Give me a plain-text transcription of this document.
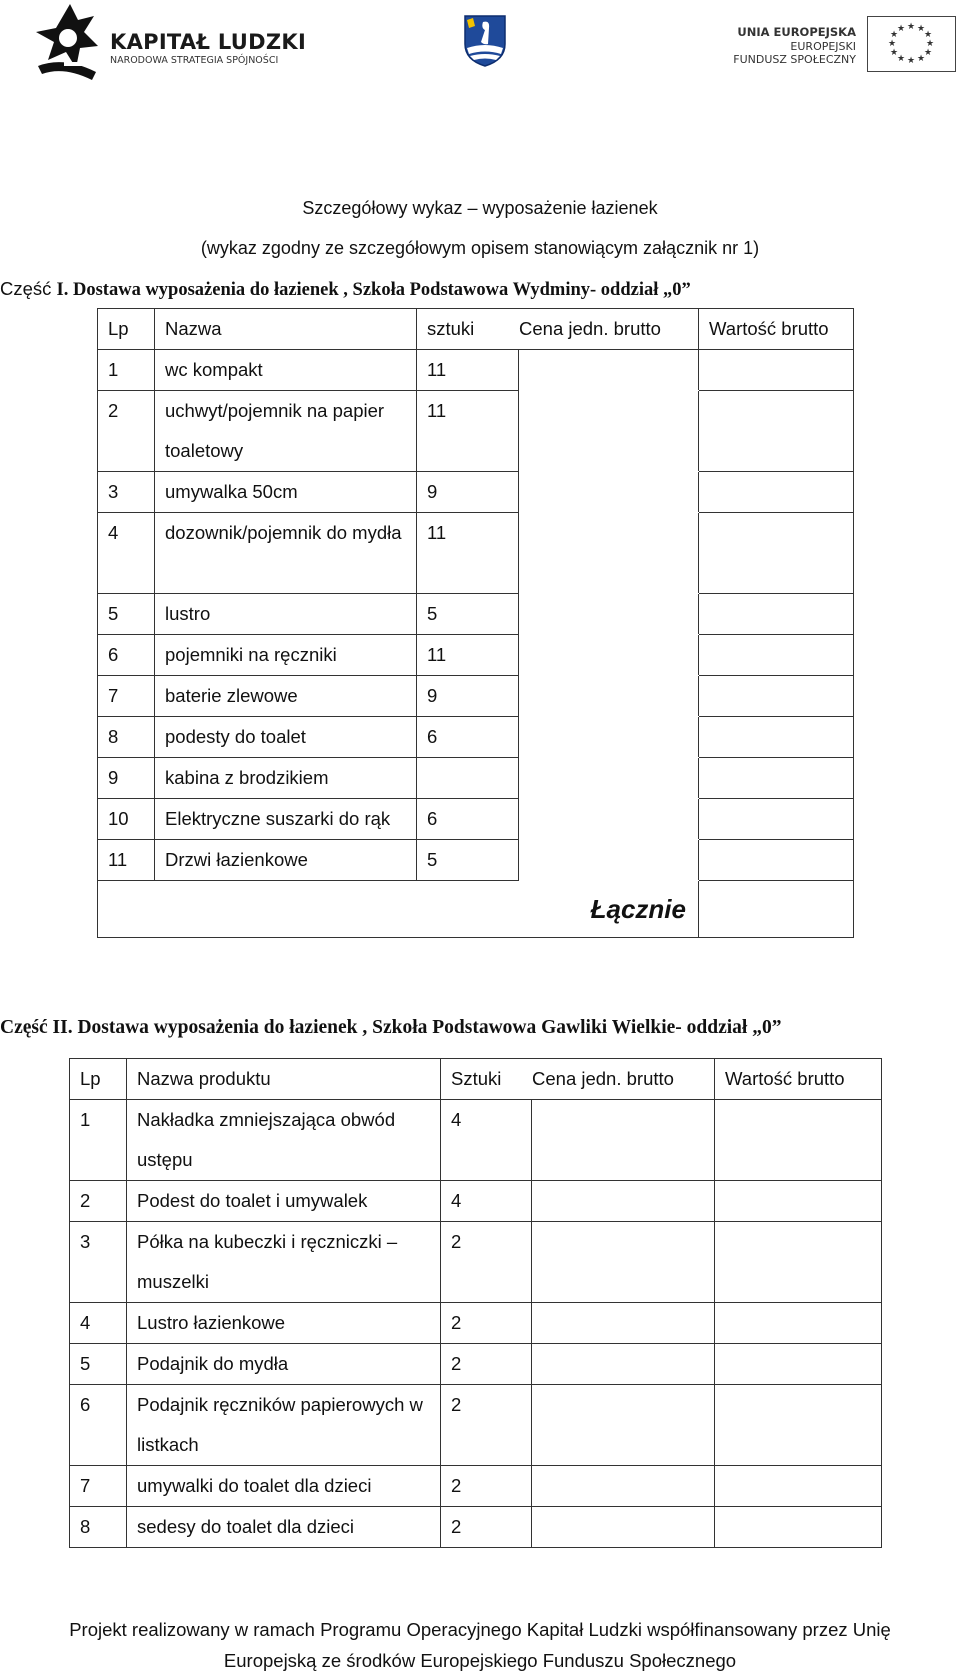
KAPITAŁ LUDZKI
NARODOWA STRATEGIA SPÓJNOŚCI
UNIA EUROPEJSKA
EUROPEJSKI
FUNDUSZ SPOŁECZNY
★ ★
★
★
★
★
★
★
★
★
★
★
Szczegółowy wykaz – wyposażenie łazienek
(wykaz zgodny ze szczegółowym opisem stanowiącym załącznik nr 1)
Część I. Dostawa wyposażenia do łazienek , Szkoła Podstawowa Wydminy- oddział „0”
Lp	Nazwa	sztuki Cena jedn. brutto		Wartość brutto
1	wc kompakt	11		
2	uchwyt/pojemnik na papier toaletowy	11		
3	umywalka 50cm	9		
4	dozownik/pojemnik do mydła	11		
5	lustro	5		
6	pojemniki na ręczniki	11		
7	baterie zlewowe	9		
8	podesty do toalet	6		
9	kabina z brodzikiem			
10	Elektryczne suszarki do rąk	6		
11	Drzwi łazienkowe	5		
Łącznie				
Część II. Dostawa wyposażenia do łazienek , Szkoła Podstawowa Gawliki Wielkie- oddział „0”
Lp	Nazwa produktu	Sztuki Cena jedn. brutto		Wartość brutto
1	Nakładka zmniejszająca obwód ustępu	4		
2	Podest do toalet i umywalek	4		
3	Półka na kubeczki i ręczniczki – muszelki	2		
4	Lustro łazienkowe	2		
5	Podajnik do mydła	2		
6	Podajnik ręczników papierowych w listkach	2		
7	umywalki do toalet dla dzieci	2		
8	sedesy do toalet dla dzieci	2		
Projekt realizowany w ramach Programu Operacyjnego Kapitał Ludzki współfinansowany przez Unię
Europejską ze środków Europejskiego Funduszu Społecznego
